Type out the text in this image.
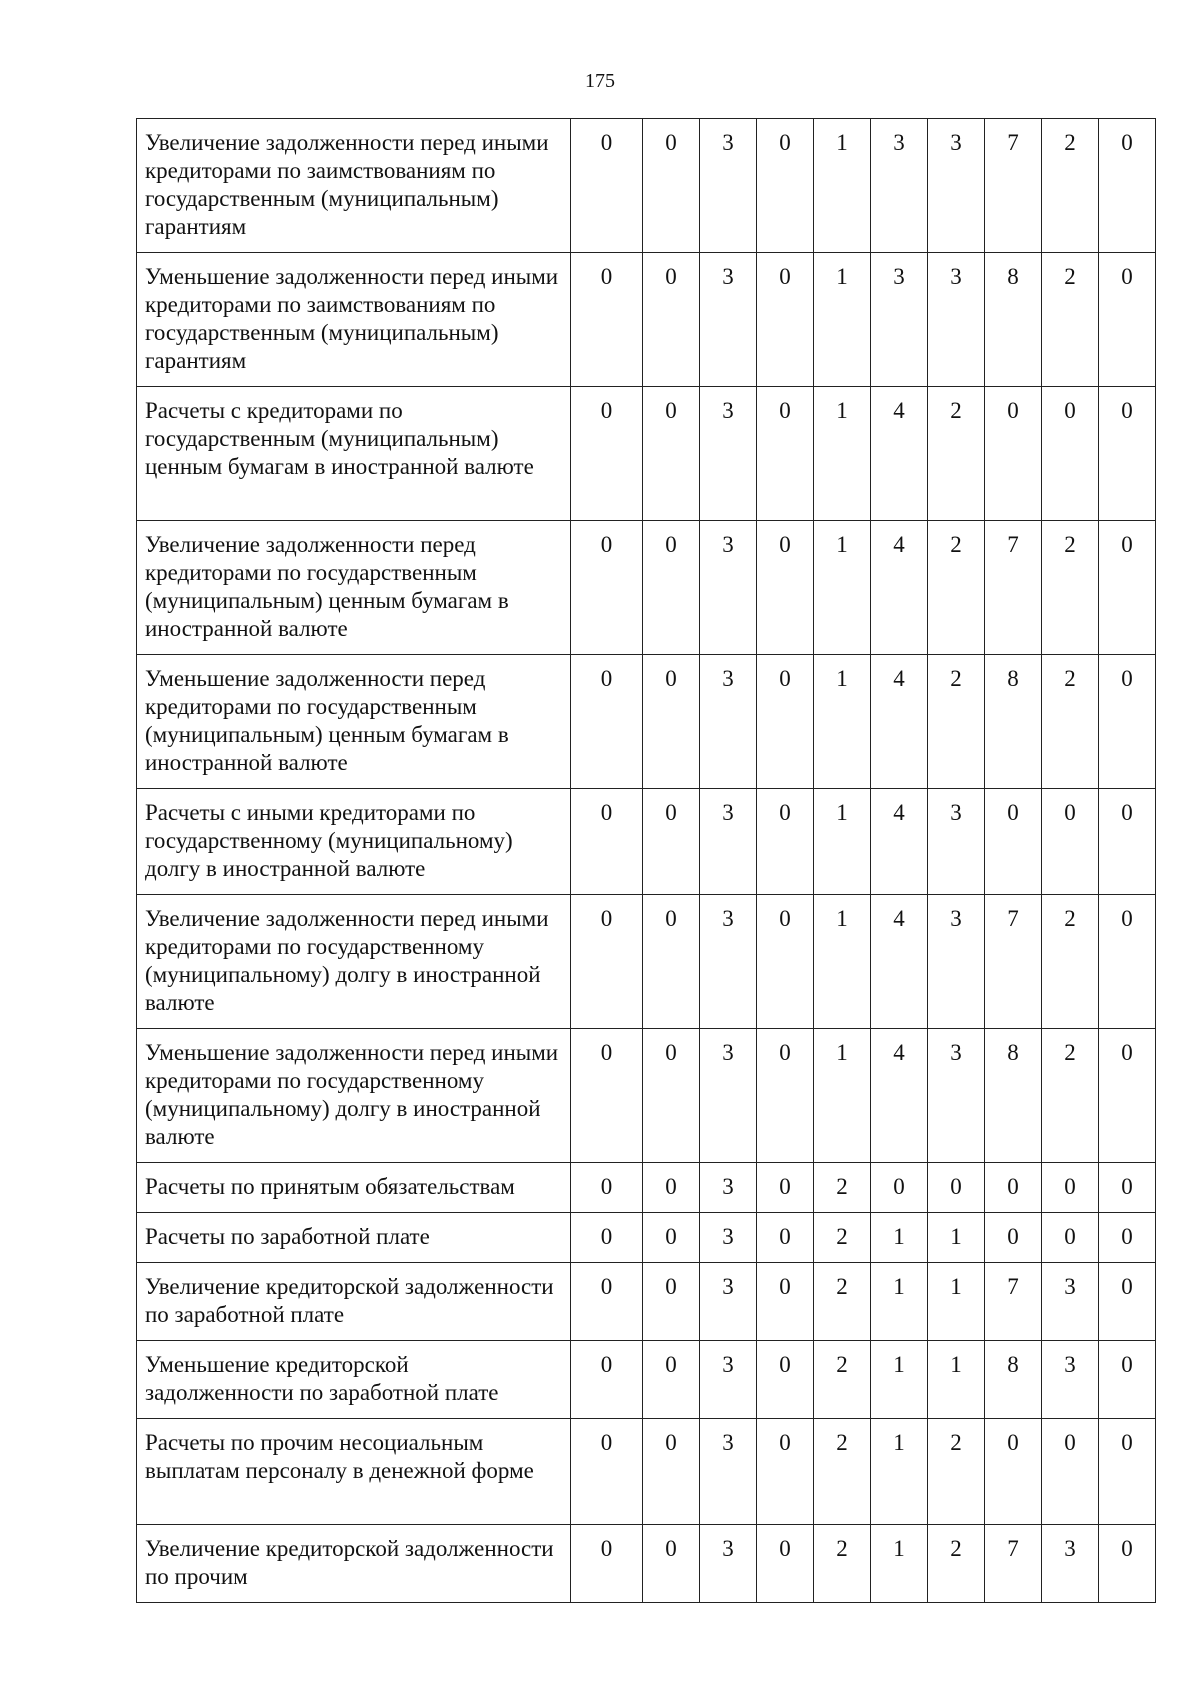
175
Увеличение задолженности перед иными кредиторами по заимствованиям по государственным (муниципальным) гарантиям	0	0	3	0	1	3	3	7	2	0
Уменьшение задолженности перед иными кредиторами по заимствованиям по государственным (муниципальным) гарантиям	0	0	3	0	1	3	3	8	2	0
Расчеты с кредиторами по государственным (муниципальным) ценным бумагам в иностранной валюте	0	0	3	0	1	4	2	0	0	0
Увеличение задолженности перед кредиторами по государственным (муниципальным) ценным бумагам в иностранной валюте	0	0	3	0	1	4	2	7	2	0
Уменьшение задолженности перед кредиторами по государственным (муниципальным) ценным бумагам в иностранной валюте	0	0	3	0	1	4	2	8	2	0
Расчеты с иными кредиторами по государственному (муниципальному) долгу в иностранной валюте	0	0	3	0	1	4	3	0	0	0
Увеличение задолженности перед иными кредиторами по государственному (муниципальному) долгу в иностранной валюте	0	0	3	0	1	4	3	7	2	0
Уменьшение задолженности перед иными кредиторами по государственному (муниципальному) долгу в иностранной валюте	0	0	3	0	1	4	3	8	2	0
Расчеты по принятым обязательствам	0	0	3	0	2	0	0	0	0	0
Расчеты по заработной плате	0	0	3	0	2	1	1	0	0	0
Увеличение кредиторской задолженности по заработной плате	0	0	3	0	2	1	1	7	3	0
Уменьшение кредиторской задолженности по заработной плате	0	0	3	0	2	1	1	8	3	0
Расчеты по прочим несоциальным выплатам персоналу в денежной форме	0	0	3	0	2	1	2	0	0	0
Увеличение кредиторской задолженности по прочим	0	0	3	0	2	1	2	7	3	0
